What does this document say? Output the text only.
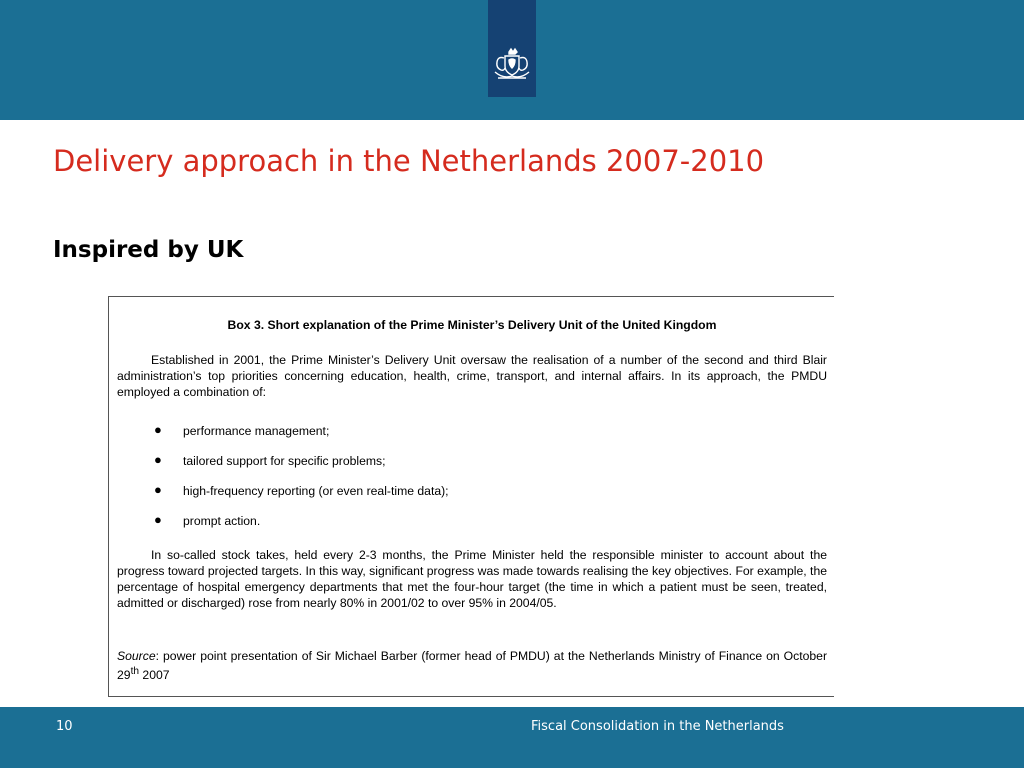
Delivery approach in the Netherlands 2007-2010
Inspired by UK
Box 3. Short explanation of the Prime Minister’s Delivery Unit of the United Kingdom

Established in 2001, the Prime Minister’s Delivery Unit oversaw the realisation of a number of the second and third Blair administration’s top priorities concerning education, health, crime, transport, and internal affairs. In its approach, the PMDU employed a combination of:

● performance management;
● tailored support for specific problems;
● high-frequency reporting (or even real-time data);
● prompt action.

In so-called stock takes, held every 2-3 months, the Prime Minister held the responsible minister to account about the progress toward projected targets. In this way, significant progress was made towards realising the key objectives. For example, the percentage of hospital emergency departments that met the four-hour target (the time in which a patient must be seen, treated, admitted or discharged) rose from nearly 80% in 2001/02 to over 95% in 2004/05.

Source: power point presentation of Sir Michael Barber (former head of PMDU) at the Netherlands Ministry of Finance on October 29th 2007

10	Fiscal Consolidation in the Netherlands
